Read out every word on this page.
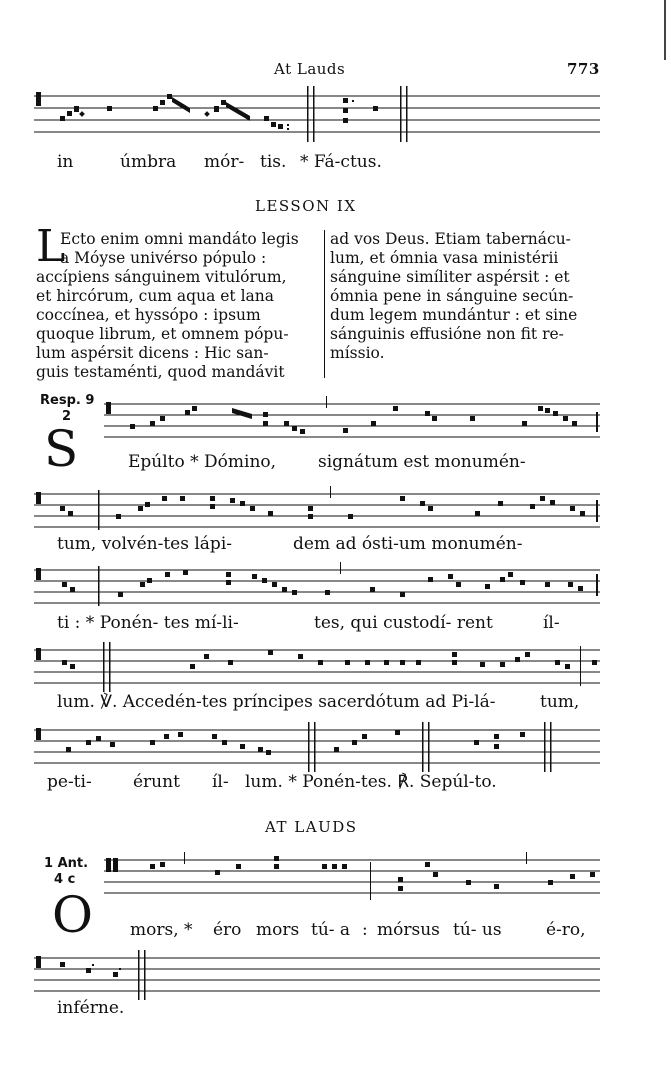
At Lauds	773
in	úmbra mór- tis. * Fá-ctus.
LESSON IX
L

Ecto enim omni mandáto legis

a Móyse univérso pópulo :

accípiens sánguinem vitulórum,

et hircórum, cum aqua et lana

coccínea, et hyssópo : ipsum

quoque librum, et omnem pópu-

lum aspérsit dicens : Hic san-

guis testaménti, quod mandávit

ad vos Deus. Etiam tabernácu-

lum, et ómnia vasa ministérii

sánguine simíliter aspérsit : et

ómnia pene in sánguine secún-

dum legem mundántur : et sine

sánguinis effusióne non fit re-

míssio.

Resp. 9
2
S	Epúlto * Dómino, signátum est monumén-
tum, volvén-tes lápi-	dem ad ósti-um monumén-
ti : * Ponén- tes mí-li-	tes, qui custodí- rent	íl-
lum. ℣. Accedén-tes príncipes sacerdótum ad Pi-lá-	tum,
pe-ti- érunt íl- lum. * Ponén-tes. ℟. Sepúl-to.
AT LAUDS
1 Ant.
4 c
O mors, * éro mors tú- a : mórsus tú- us	é-ro,
inférne.
